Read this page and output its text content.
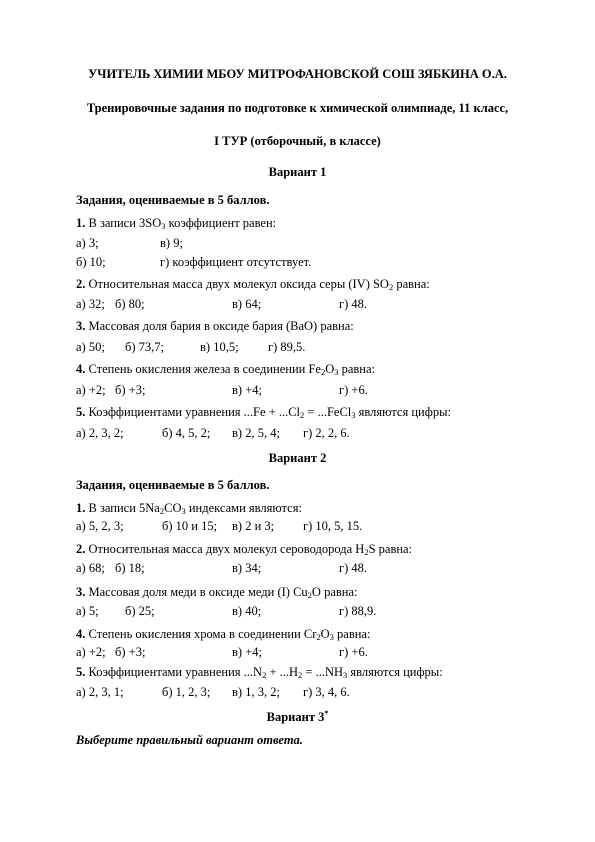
УЧИТЕЛЬ ХИМИИ МБОУ МИТРОФАНОВСКОЙ СОШ ЗЯБКИНА О.А.
Тренировочные задания по подготовке к химической олимпиаде, 11 класс,
I ТУР (отборочный, в классе)
Вариант 1
Задания, оцениваемые в 5 баллов.
1. В записи $3SO_3$ коэффициент равен:
а) 3;	в) 9;
б) 10;	г) коэффициент отсутствует.
2. Относительная масса двух молекул оксида серы (IV) $SO_2$ равна:
а) 32; б) 80;	в) 64;	г) 48.
3. Массовая доля бария в оксиде бария (BaO) равна:
а) 50; б) 73,7;	в) 10,5; г) 89,5.
4. Степень окисления железа в соединении $Fe_2O_3$ равна:
а) +2; б) +3;	в) +4;	г) +6.
5. Коэффициентами уравнения $...Fe + ...Cl_2$ = ...FeCl$_3$ являются цифры:
а) 2, 3, 2;	б) 4, 5, 2; в) 2, 5, 4; г) 2, 2, 6.
Вариант 2
Задания, оцениваемые в 5 баллов.
1. В записи $5Na_2CO_3$ индексами являются:
а) 5, 2, 3;	б) 10 и 15; в) 2 и 3; г) 10, 5, 15.
2. Относительная масса двух молекул сероводорода $H_2S$ равна:
а) 68; б) 18;	в) 34;	г) 48.
3. Массовая доля меди в оксиде меди (I) $Cu_2O$ равна:
а) 5; б) 25;	в) 40;	г) 88,9.
4. Степень окисления хрома в соединении $Cr_2O_3$ равна:
а) +2; б) +3;	в) +4;	г) +6.
5. Коэффициентами уравнения $...N_2 + ...H_2 = ...NH_3$ являются цифры:
а) 2, 3, 1;	б) 1, 2, 3; в) 1, 3, 2; г) 3, 4, 6.
Вариант 3*
Выберите правильный вариант ответа.
